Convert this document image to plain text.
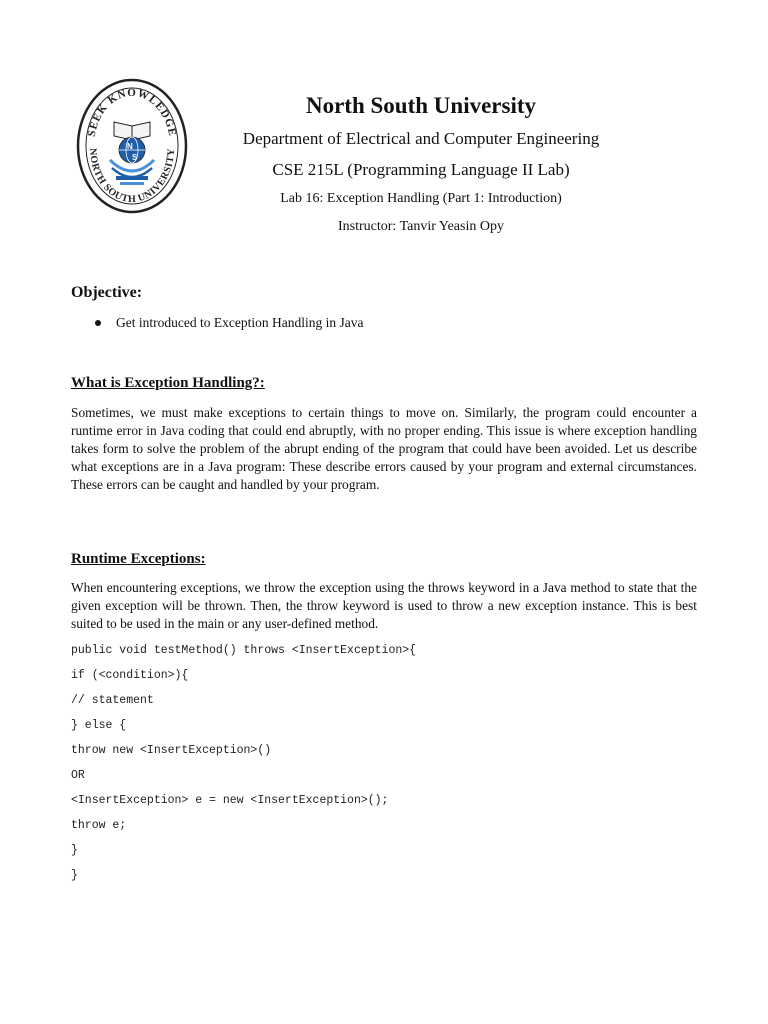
SEEK KNOWLEDGE
NORTH SOUTH UNIVERSITY
N
S
North South University
Department of Electrical and Computer Engineering
CSE 215L (Programming Language II Lab)
Lab 16: Exception Handling (Part 1: Introduction)
Instructor: Tanvir Yeasin Opy
Objective:
Get introduced to Exception Handling in Java
What is Exception Handling?:

Sometimes, we must make exceptions to certain things to move on. Similarly, the program could encounter a runtime error in Java coding that could end abruptly, with no proper ending. This issue is where exception handling takes form to solve the problem of the abrupt ending of the program that could have been avoided. Let us describe what exceptions are in a Java program: These describe errors caused by your program and external circumstances. These errors can be caught and handled by your program.

Runtime Exceptions:

When encountering exceptions, we throw the exception using the throws keyword in a Java method to state that the given exception will be thrown. Then, the throw keyword is used to throw a new exception instance. This is best suited to be used in the main or any user-defined method.

public void testMethod() throws <InsertException>{
if (<condition>){
// statement
} else {
throw new <InsertException>()
OR
<InsertException> e = new <InsertException>();
throw e;
}
}
